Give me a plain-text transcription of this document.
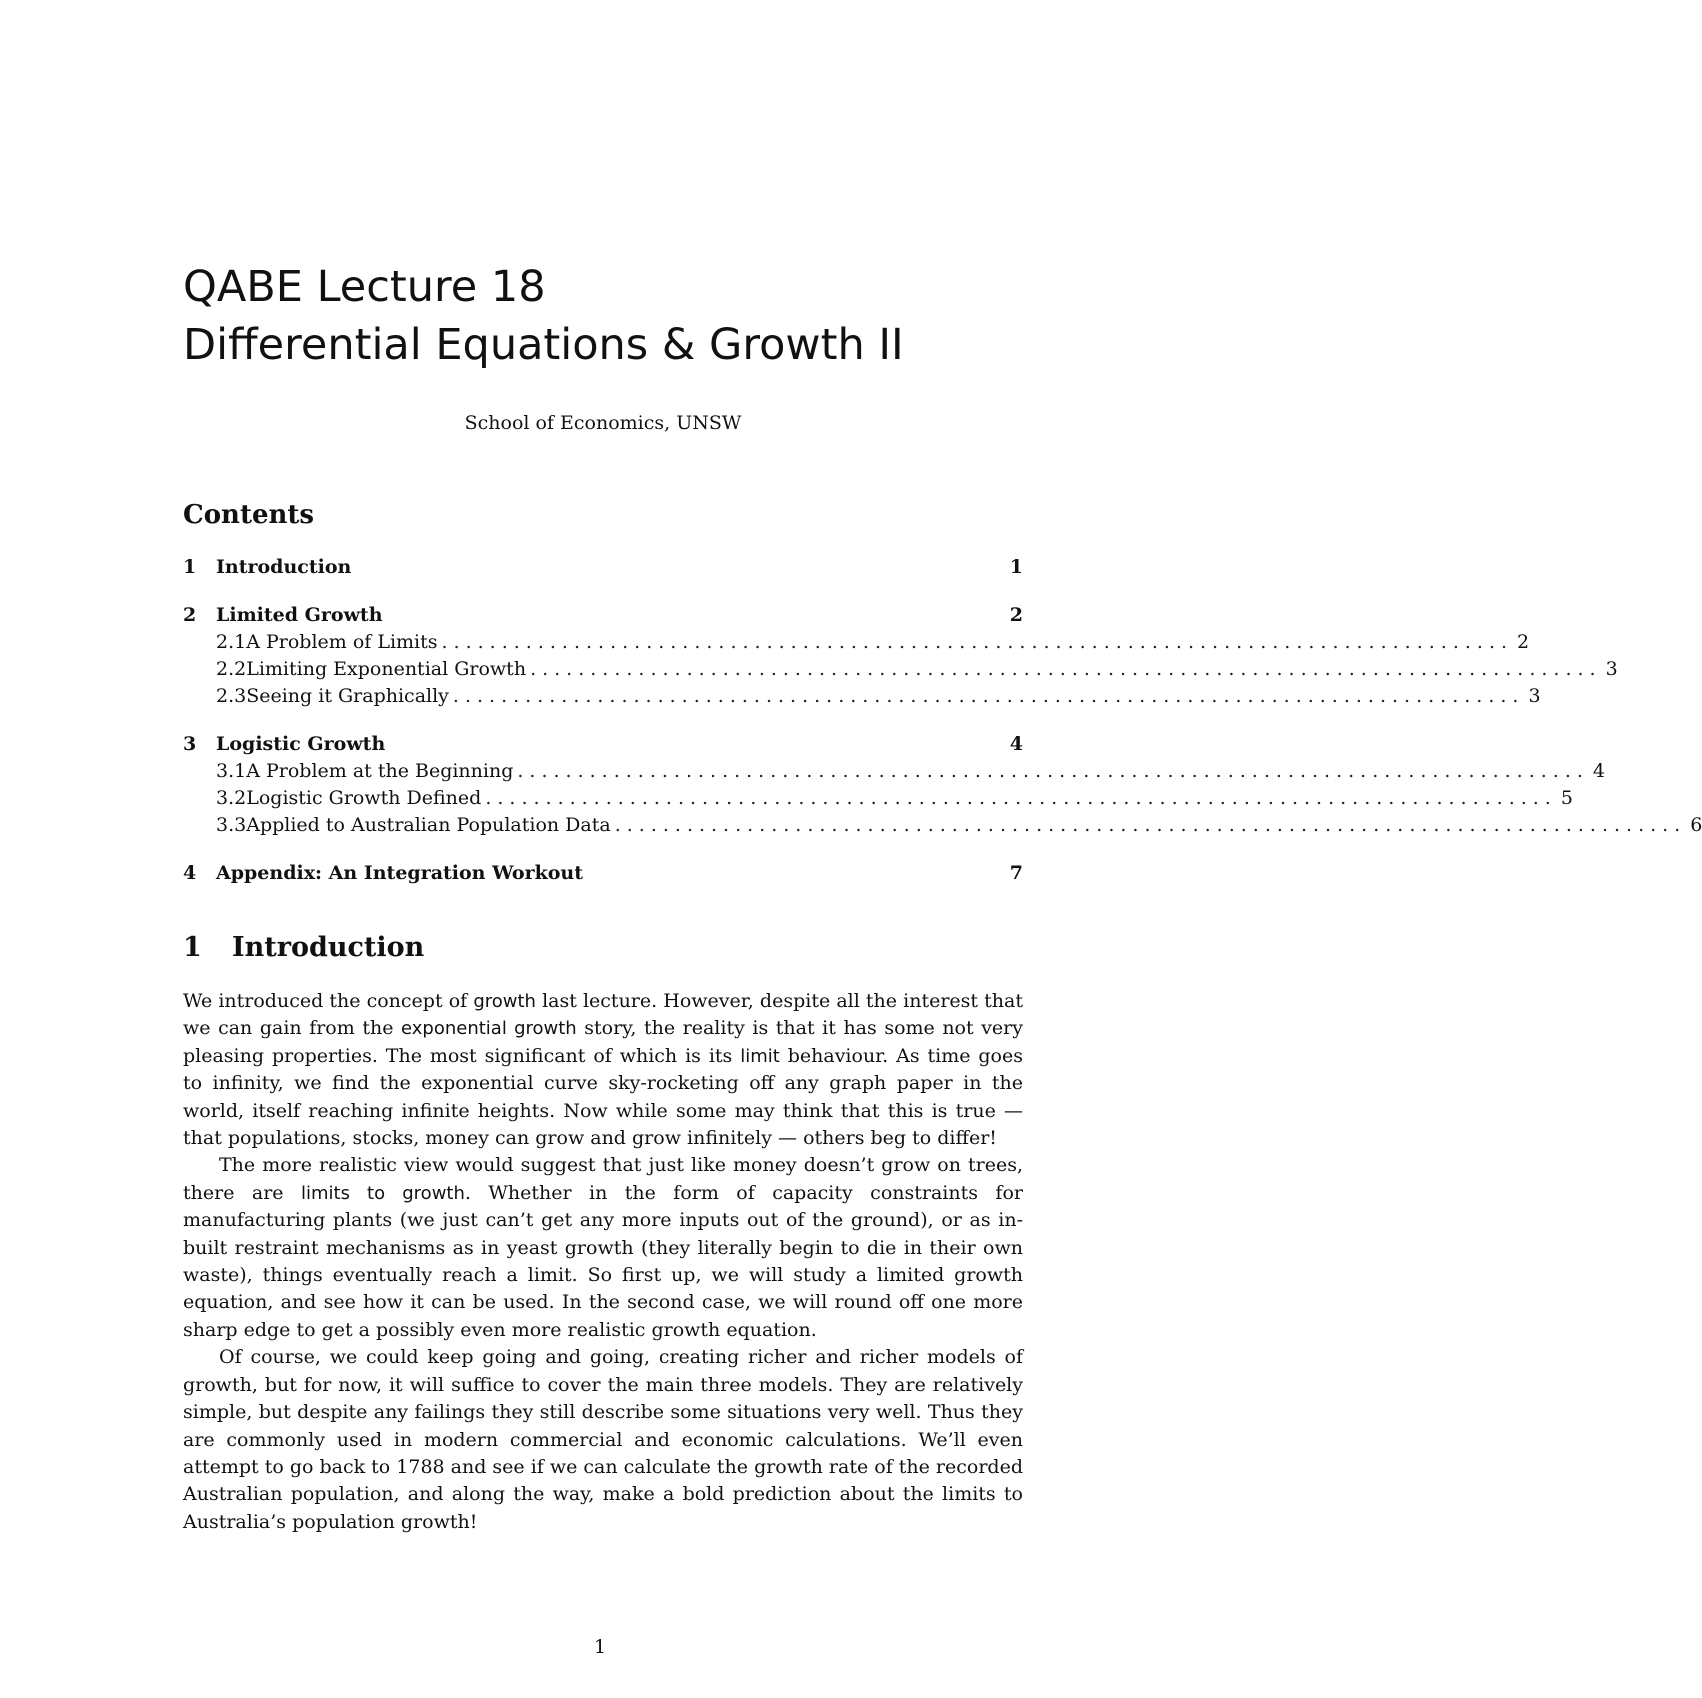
QABE Lecture 18
Differential Equations & Growth II
School of Economics, UNSW
Contents
1	Introduction	1
2	Limited Growth	2
2.1 A Problem of Limits ......................................................................................... 2
2.2 Limiting Exponential Growth ......................................................................................... 3
2.3 Seeing it Graphically ......................................................................................... 3
3	Logistic Growth	4
3.1 A Problem at the Beginning ......................................................................................... 4
3.2 Logistic Growth Defined ......................................................................................... 5
3.3 Applied to Australian Population Data ......................................................................................... 6
4	Appendix: An Integration Workout	7
1 Introduction

We introduced the concept of growth last lecture. However, despite all the interest that we can gain from the exponential growth story, the reality is that it has some not very pleasing properties. The most significant of which is its limit behaviour. As time goes to infinity, we find the exponential curve sky-rocketing off any graph paper in the world, itself reaching infinite heights. Now while some may think that this is true — that populations, stocks, money can grow and grow infinitely — others beg to differ!

The more realistic view would suggest that just like money doesn’t grow on trees, there are limits to growth. Whether in the form of capacity constraints for manufacturing plants (we just can’t get any more inputs out of the ground), or as in-built restraint mechanisms as in yeast growth (they literally begin to die in their own waste), things eventually reach a limit. So first up, we will study a limited growth equation, and see how it can be used. In the second case, we will round off one more sharp edge to get a possibly even more realistic growth equation.

Of course, we could keep going and going, creating richer and richer models of growth, but for now, it will suffice to cover the main three models. They are relatively simple, but despite any failings they still describe some situations very well. Thus they are commonly used in modern commercial and economic calculations. We’ll even attempt to go back to 1788 and see if we can calculate the growth rate of the recorded Australian population, and along the way, make a bold prediction about the limits to Australia’s population growth!

1
